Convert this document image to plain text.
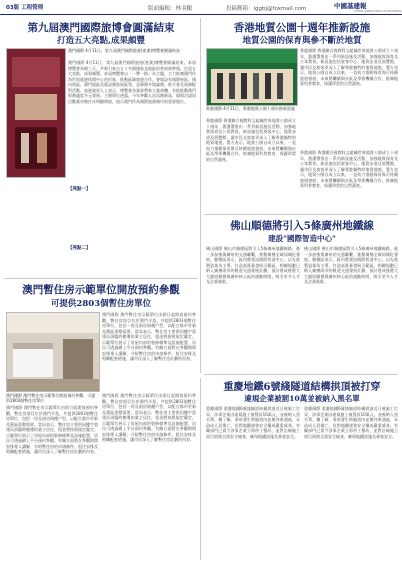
03版 工程管理	版面編輯：林羽鵬	投稿郵箱：iggbj@foxmail.com	中國基建報
CHINA INFRASTRUCTURE NEWS
第九屆澳門國際旅博會圓滿結束
打造五大亮點,成果頗豐
澳門國際 4月11日，第九屆澳門國際旅遊(產業)博覽會圓滿結束
澳門國際 4月11日，第九屆澳門國際旅遊(產業)博覽會圓滿結束。本屆博覽會為期三天，共吸引來自五十多個國家及地區的參展商參與，打造五大亮點，成果頗豐。本屆博覽會以「一帶一路」為主題，大力推廣澳門作為世界旅遊休閒中心的形象，推動區域旅遊合作。會場設有國際展區、國內展區、澳門展區及葡語國家展區等，並舉辦多場論壇、推介會及商務配對活動。旅遊業界人士表示，博覽會為業界帶來大量商機，有助推動澳門經濟適度多元發展。主辦單位透露，今年參觀人次再創新高，現場洽談項目數量亦較往年明顯增加，展示澳門作為國際旅遊城市的重要地位。
【亮點一】
【亮點二】
香港地質公園十週年推新設施
地質公園的保育與參不斷於地質
香港國際 香港聯合國教科文組織世界地質公園成立十週年，漁護署推出一系列新設施及活動，加強地質保育及公眾教育。新設施包括遊客中心、地質步道及展覽館，讓市民及旅客更深入了解香港獨特的地質地貌。署方表示，地質公園自成立以來，一直致力推動保育與可持續旅遊發展，未來將繼續與社區及學術機構合作，推廣地質科普教育，保護珍貴的自然遺產。
香港國際 4月11日，香港地質公園十週年推新設施
香港國際 香港聯合國教科文組織世界地質公園成立十週年，漁護署推出一系列新設施及活動，加強地質保育及公眾教育。新設施包括遊客中心、地質步道及展覽館，讓市民及旅客更深入了解香港獨特的地質地貌。署方表示，地質公園自成立以來，一直致力推動保育與可持續旅遊發展，未來將繼續與社區及學術機構合作，推廣地質科普教育，保護珍貴的自然遺產。
香港國際 香港聯合國教科文組織世界地質公園成立十週年，漁護署推出一系列新設施及活動，加強地質保育及公眾教育。新設施包括遊客中心、地質步道及展覽館，讓市民及旅客更深入了解香港獨特的地質地貌。署方表示，地質公園自成立以來，一直致力推動保育與可持續旅遊發展，未來將繼續與社區及學術機構合作，推廣地質科普教育，保護珍貴的自然遺產。
佛山順德將引入5條廣州地鐵線
建設"國際智造中心"
佛山國際 佛山市順德區將引入5條廣州地鐵線路，進一步加強與廣州的交通聯繫，推動廣佛全域同城化發展。順德區表示，區內將建設國際智造中心，以先進製造業為主導，打造高質量發展示範區。相關規劃已納入廣佛兩市的軌道交通發展計劃，預計建成後將大大縮短順德與廣州核心區的通勤時間，吸引更多人才及企業進駐。
佛山國際 佛山市順德區將引入5條廣州地鐵線路，進一步加強與廣州的交通聯繫，推動廣佛全域同城化發展。順德區表示，區內將建設國際智造中心，以先進製造業為主導，打造高質量發展示範區。相關規劃已納入廣佛兩市的軌道交通發展計劃，預計建成後將大大縮短順德與廣州核心區的通勤時間，吸引更多人才及企業進駐。
澳門暫住房示範單位開放預約參觀
可提供2803個暫住房單位
澳門國際 澳門暫住房示範單位由即日起開放預約參觀。暫住房項目位於澳門半島，共提供2803個暫住房單位，包括一房及兩房兩種戶型，以配合都市更新及舊區重整需要。當局表示，暫住房主要供因樓宇重建而須臨時搬遷的業主居住，租金將按照規定釐定。示範單位展示了房屋內部的裝修標準及設施配置，居民可透過網上平台預約參觀。有關方面將在參觀期間安排專人講解，介紹暫住房的申請條件、租住安排及相關配套措施，讓市民深入了解暫住房計劃的內容。
澳門國際 澳門暫住房示範單位開放預約參觀，可提供2803個暫住房單位
澳門國際 澳門暫住房示範單位由即日起開放預約參觀。暫住房項目位於澳門半島，共提供2803個暫住房單位，包括一房及兩房兩種戶型，以配合都市更新及舊區重整需要。當局表示，暫住房主要供因樓宇重建而須臨時搬遷的業主居住，租金將按照規定釐定。示範單位展示了房屋內部的裝修標準及設施配置，居民可透過網上平台預約參觀。有關方面將在參觀期間安排專人講解，介紹暫住房的申請條件、租住安排及相關配套措施，讓市民深入了解暫住房計劃的內容。
澳門國際 澳門暫住房示範單位由即日起開放預約參觀。暫住房項目位於澳門半島，共提供2803個暫住房單位，包括一房及兩房兩種戶型，以配合都市更新及舊區重整需要。當局表示，暫住房主要供因樓宇重建而須臨時搬遷的業主居住，租金將按照規定釐定。示範單位展示了房屋內部的裝修標準及設施配置，居民可透過網上平台預約參觀。有關方面將在參觀期間安排專人講解，介紹暫住房的申請條件、租住安排及相關配套措施，讓市民深入了解暫住房計劃的內容。
重慶地鐵6號綫隧道結構拱頂被打穿
違規企業被罰10萬並被納入黑名單
重慶國際 重慶地鐵6號綫隧道結構拱頂近日被施工打穿，涉事企業因違規施工被罰款10萬元，並被納入黑名單。據了解，事故發生時隧道內並無列車通過，未造成人員傷亡，但對地鐵運營安全構成嚴重威脅。有關部門已責令涉事企業立即停工整改，並對沿線施工項目展開全面安全檢查，確保地鐵設施及乘客安全。
重慶國際 重慶地鐵6號綫隧道結構拱頂近日被施工打穿，涉事企業因違規施工被罰款10萬元，並被納入黑名單。據了解，事故發生時隧道內並無列車通過，未造成人員傷亡，但對地鐵運營安全構成嚴重威脅。有關部門已責令涉事企業立即停工整改，並對沿線施工項目展開全面安全檢查，確保地鐵設施及乘客安全。
